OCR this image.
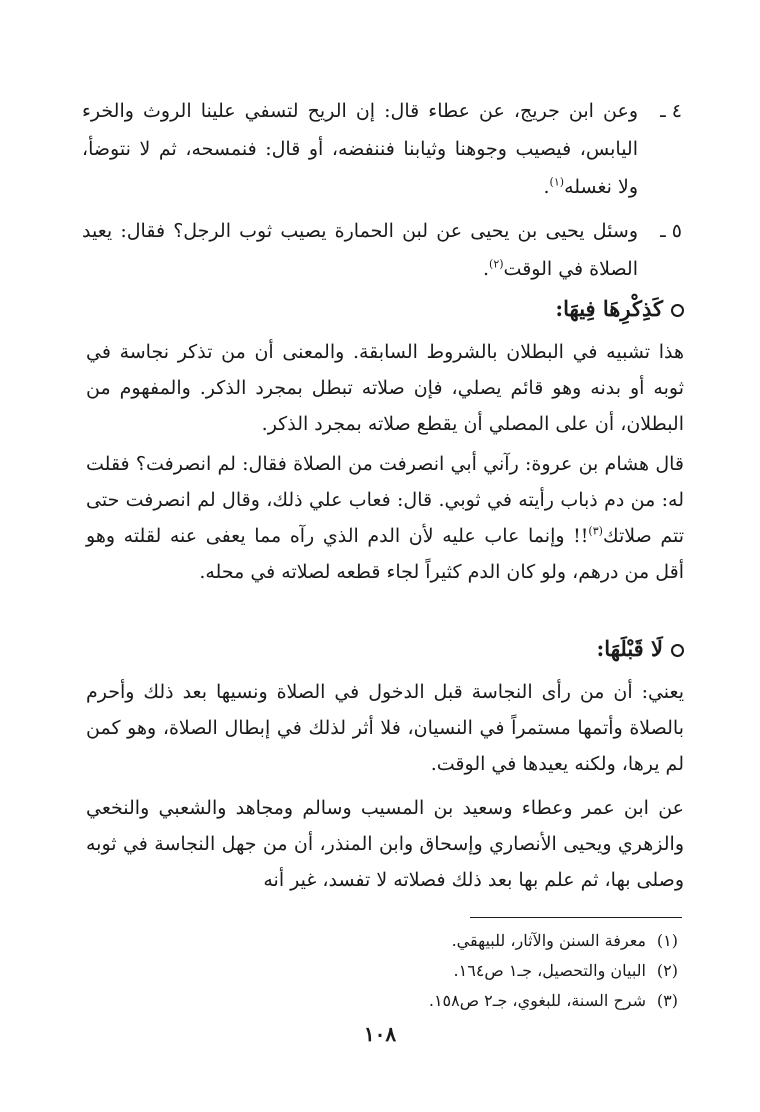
٤ ـ
وعن ابن جريج، عن عطاء قال: إن الريح لتسفي علينا الروث والخرء اليابس، فيصيب وجوهنا وثيابنا فننفضه، أو قال: فنمسحه، ثم لا نتوضأ، ولا نغسله$^{(١)}$.
٥ ـ
وسئل يحيى بن يحيى عن لبن الحمارة يصيب ثوب الرجل؟ فقال: يعيد الصلاة في الوقت$^{(٢)}$.
كَذِكْرِهَا فِيهَا:
هذا تشبيه في البطلان بالشروط السابقة. والمعنى أن من تذكر نجاسة في ثوبه أو بدنه وهو قائم يصلي، فإن صلاته تبطل بمجرد الذكر. والمفهوم من البطلان، أن على المصلي أن يقطع صلاته بمجرد الذكر.
قال هشام بن عروة: رآني أبي انصرفت من الصلاة فقال: لم انصرفت؟ فقلت له: من دم ذباب رأيته في ثوبي. قال: فعاب علي ذلك، وقال لم انصرفت حتى تتم صلاتك$^{(٣)}$!! وإنما عاب عليه لأن الدم الذي رآه مما يعفى عنه لقلته وهو أقل من درهم، ولو كان الدم كثيراً لجاء قطعه لصلاته في محله.
لَا قَبْلَهَا:
يعني: أن من رأى النجاسة قبل الدخول في الصلاة ونسيها بعد ذلك وأحرم بالصلاة وأتمها مستمراً في النسيان، فلا أثر لذلك في إبطال الصلاة، وهو كمن لم يرها، ولكنه يعيدها في الوقت.
عن ابن عمر وعطاء وسعيد بن المسيب وسالم ومجاهد والشعبي والنخعي والزهري ويحيى الأنصاري وإسحاق وابن المنذر، أن من جهل النجاسة في ثوبه وصلى بها، ثم علم بها بعد ذلك فصلاته لا تفسد، غير أنه
(١)معرفة السنن والآثار، للبيهقي.
(٢)البيان والتحصيل، جـ١ ص١٦٤.
(٣)شرح السنة، للبغوي، جـ٢ ص١٥٨.
١٠٨
